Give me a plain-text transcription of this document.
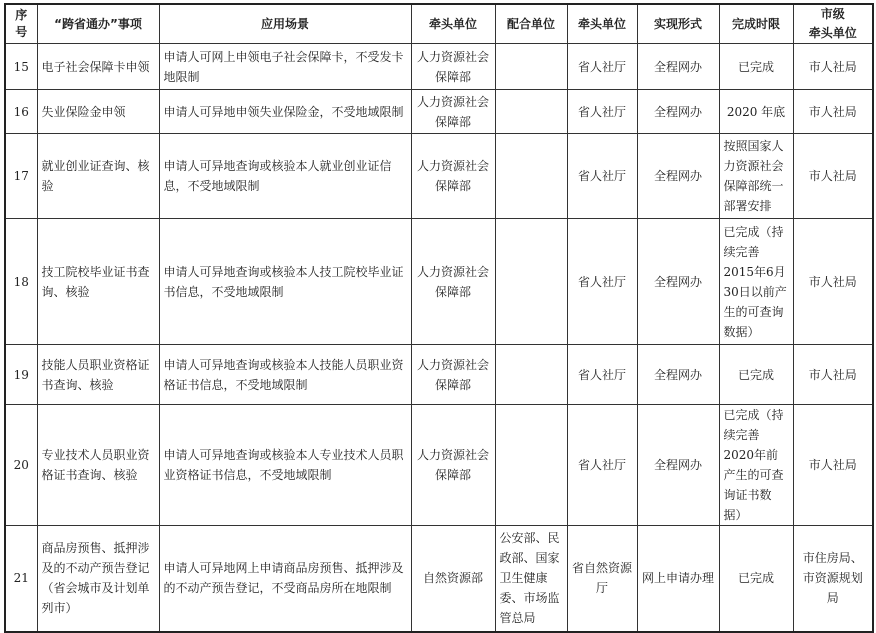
序号	“跨省通办”事项	应用场景	牵头单位	配合单位	牵头单位	实现形式	完成时限	市级
牵头单位
15	电子社会保障卡申领	申请人可网上申领电子社会保障卡，不受发卡地限制	人力资源社会保障部		省人社厅	全程网办	已完成	市人社局
16	失业保险金申领	申请人可异地申领失业保险金，不受地域限制	人力资源社会保障部		省人社厅	全程网办	2020 年底	市人社局
17	就业创业证查询、核验	申请人可异地查询或核验本人就业创业证信息，不受地域限制	人力资源社会保障部		省人社厅	全程网办	按照国家人力资源社会保障部统一部署安排	市人社局
18	技工院校毕业证书查询、核验	申请人可异地查询或核验本人技工院校毕业证书信息，不受地域限制	人力资源社会保障部		省人社厅	全程网办	已完成（持续完善2015年6月30日以前产生的可查询数据）	市人社局
19	技能人员职业资格证书查询、核验	申请人可异地查询或核验本人技能人员职业资格证书信息，不受地域限制	人力资源社会保障部		省人社厅	全程网办	已完成	市人社局
20	专业技术人员职业资格证书查询、核验	申请人可异地查询或核验本人专业技术人员职业资格证书信息，不受地域限制	人力资源社会保障部		省人社厅	全程网办	已完成（持续完善2020年前产生的可查询证书数据）	市人社局
21	商品房预售、抵押涉及的不动产预告登记（省会城市及计划单列市）	申请人可异地网上申请商品房预售、抵押涉及的不动产预告登记，不受商品房所在地限制	自然资源部	公安部、民政部、国家卫生健康委、市场监管总局	省自然资源厅	网上申请办理	已完成	市住房局、市资源规划局
